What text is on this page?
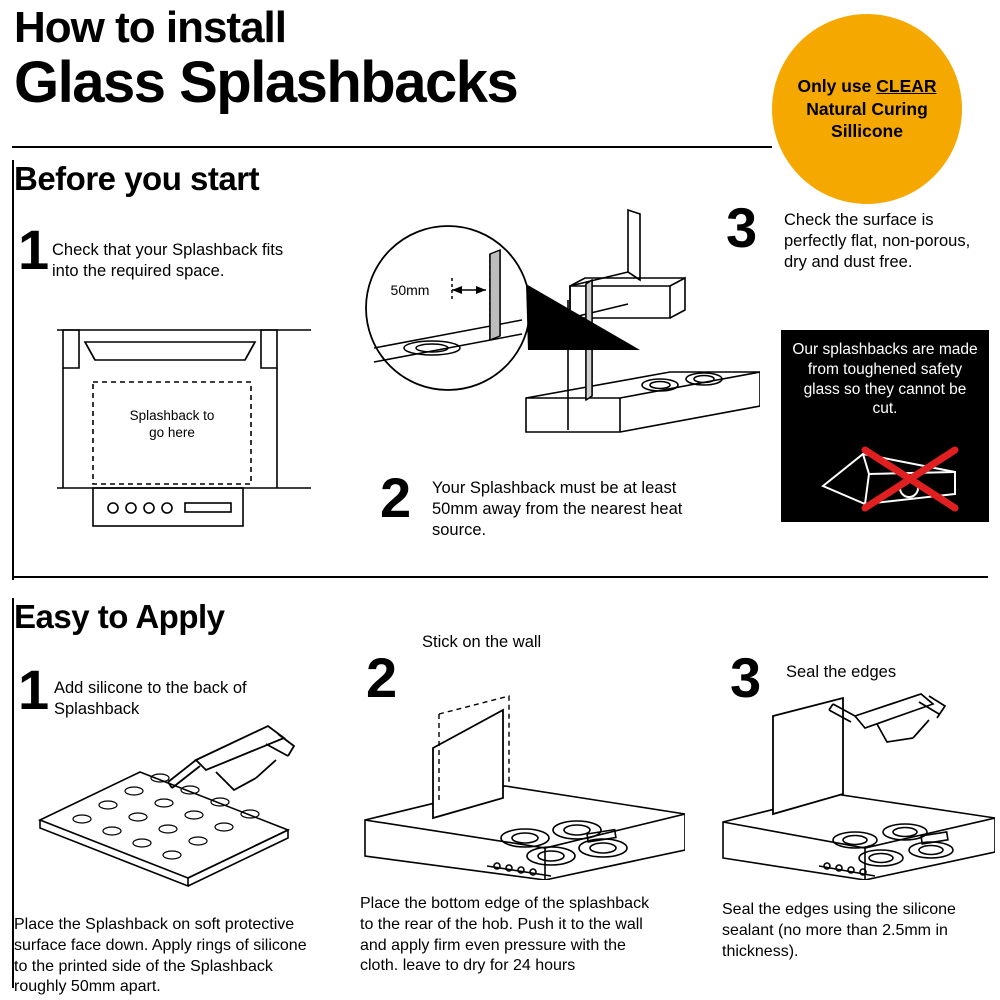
How to install
Glass Splashbacks	Only use CLEAR
Natural Curing
Sillicone
Before you start
1 Check that your Splashback fits into the required space.
Splashback to
go here
50mm
2 Your Splashback must be at least 50mm away from the nearest heat source.
3 Check the surface is perfectly flat, non-porous, dry and dust free.
Our splashbacks are made from toughened safety glass so they cannot be cut.
Easy to Apply
1 Add silicone to the back of Splashback
Place the Splashback on soft protective surface face down. Apply rings of silicone to the printed side of the Splashback roughly 50mm apart.
2
Stick on the wall
Place the bottom edge of the splashback to the rear of the hob. Push it to the wall and apply firm even pressure with the cloth. leave to dry for 24 hours
3 Seal the edges
Seal the edges using the silicone sealant (no more than 2.5mm in thickness).
